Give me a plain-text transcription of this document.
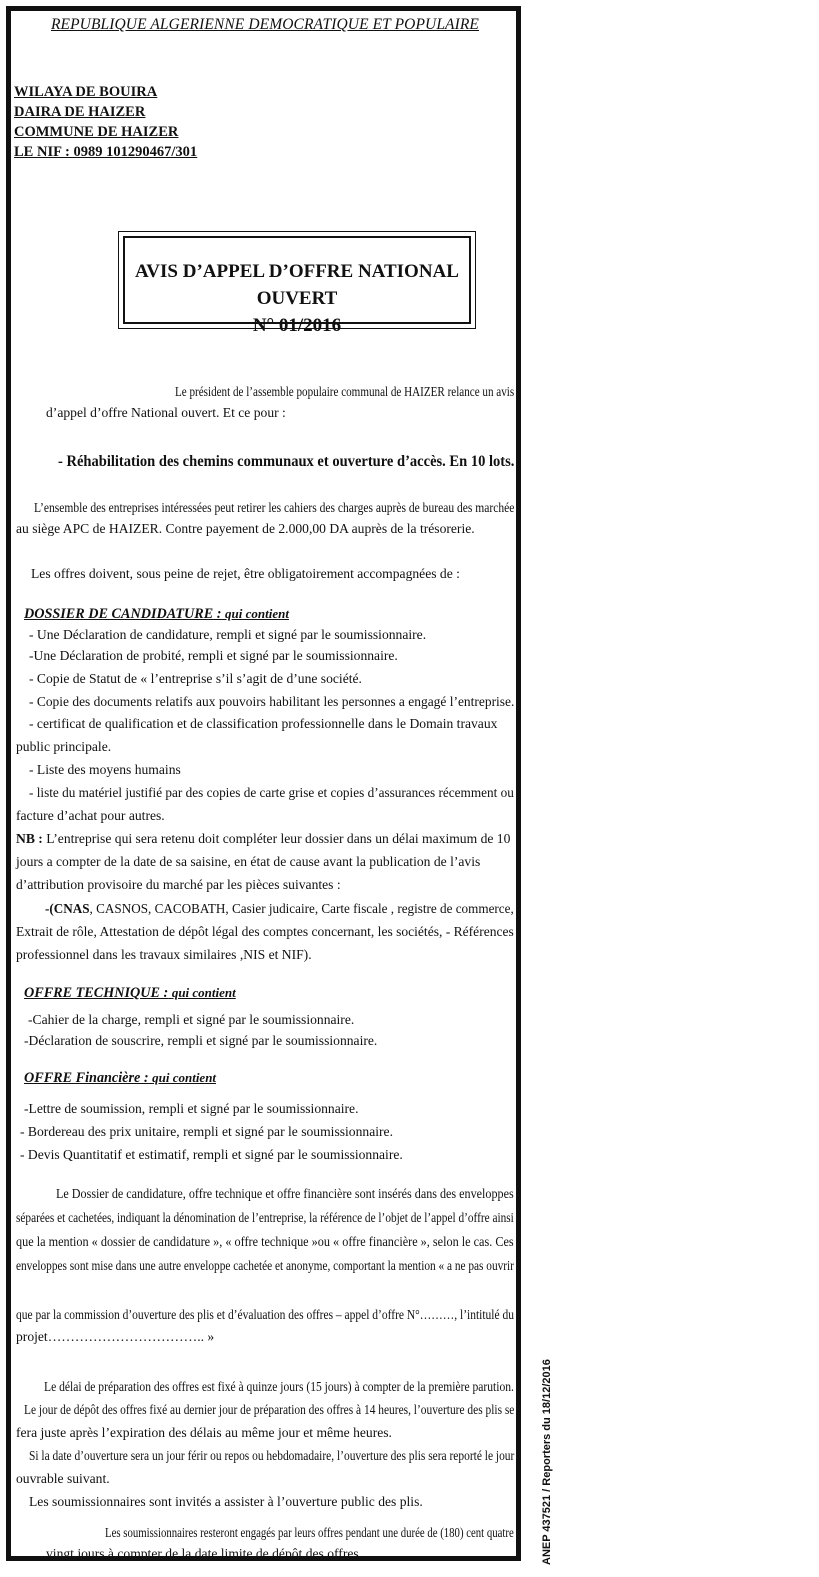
REPUBLIQUE ALGERIENNE DEMOCRATIQUE ET POPULAIRE
WILAYA DE BOUIRA
DAIRA DE HAIZER
COMMUNE DE HAIZER
LE NIF : 0989 101290467/301
AVIS D’APPEL D’OFFRE NATIONAL OUVERT
N° 01/2016
Le président de l’assemble populaire communal de HAIZER relance un avis
d’appel d’offre National ouvert. Et ce pour :
- Réhabilitation des chemins communaux et ouverture d’accès. En 10 lots.
L’ensemble des entreprises intéressées peut retirer les cahiers des charges auprès de bureau des marchée
au siège APC de HAIZER. Contre payement de 2.000,00 DA auprès de la trésorerie.
Les offres doivent, sous peine de rejet, être obligatoirement accompagnées de :
DOSSIER DE CANDIDATURE : qui contient
- Une Déclaration de candidature, rempli et signé par le soumissionnaire.
-Une Déclaration de probité, rempli et signé par le soumissionnaire.
- Copie de Statut de « l’entreprise s’il s’agit de d’une société.
- Copie des documents relatifs aux pouvoirs habilitant les personnes a engagé l’entreprise.
- certificat de qualification et de classification professionnelle dans le Domain travaux
public principale.
- Liste des moyens humains
- liste du matériel justifié par des copies de carte grise et copies d’assurances récemment ou
facture d’achat pour autres.
NB : L’entreprise qui sera retenu doit compléter leur dossier dans un délai maximum de 10
jours a compter de la date de sa saisine, en état de cause avant la publication de l’avis
d’attribution provisoire du marché par les pièces suivantes :
-(CNAS, CASNOS, CACOBATH, Casier judicaire, Carte fiscale , registre de commerce,
Extrait de rôle, Attestation de dépôt légal des comptes concernant, les sociétés, - Références
professionnel dans les travaux similaires ,NIS et NIF).
OFFRE TECHNIQUE : qui contient
-Cahier de la charge, rempli et signé par le soumissionnaire.
-Déclaration de souscrire, rempli et signé par le soumissionnaire.
OFFRE Financière : qui contient
-Lettre de soumission, rempli et signé par le soumissionnaire.
- Bordereau des prix unitaire, rempli et signé par le soumissionnaire.
- Devis Quantitatif et estimatif, rempli et signé par le soumissionnaire.
Le Dossier de candidature, offre technique et offre financière sont insérés dans des enveloppes
séparées et cachetées, indiquant la dénomination de l’entreprise, la référence de l’objet de l’appel d’offre ainsi
que la mention « dossier de candidature », « offre technique »ou « offre financière », selon le cas. Ces
enveloppes sont mise dans une autre enveloppe cachetée et anonyme, comportant la mention « a ne pas ouvrir
que par la commission d’ouverture des plis et d’évaluation des offres – appel d’offre N°………, l’intitulé du
projet…………………………….. »
Le délai de préparation des offres est fixé à quinze jours (15 jours) à compter de la première parution.
Le jour de dépôt des offres fixé au dernier jour de préparation des offres à 14 heures, l’ouverture des plis se
fera juste après l’expiration des délais au même jour et même heures.
Si la date d’ouverture sera un jour férir ou repos ou hebdomadaire, l’ouverture des plis sera reporté le jour
ouvrable suivant.
Les soumissionnaires sont invités a assister à l’ouverture public des plis.
Les soumissionnaires resteront engagés par leurs offres pendant une durée de (180) cent quatre
vingt jours à compter de la date limite de dépôt des offres.	ANEP 437521 / Reporters du 18/12/2016
